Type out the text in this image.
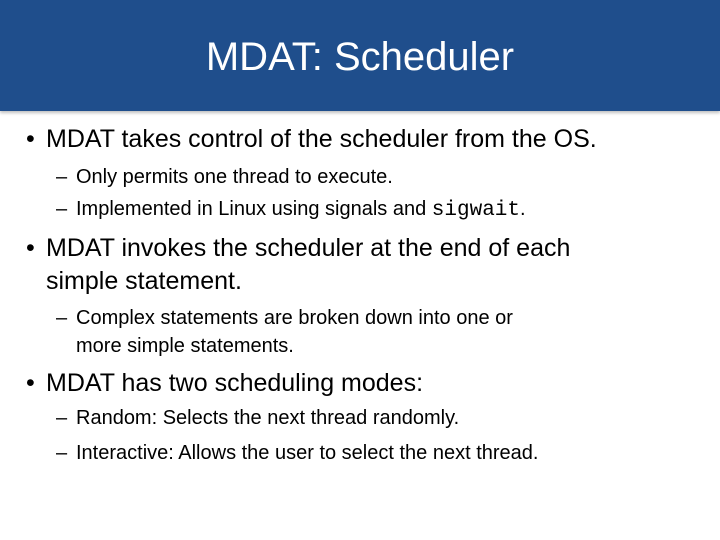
MDAT: Scheduler
• MDAT takes control of the scheduler from the OS.
– Only permits one thread to execute.
– Implemented in Linux using signals and sigwait.
• MDAT invokes the scheduler at the end of each
simple statement.
– Complex statements are broken down into one or
more simple statements.
• MDAT has two scheduling modes:
– Random: Selects the next thread randomly.
– Interactive: Allows the user to select the next thread.
